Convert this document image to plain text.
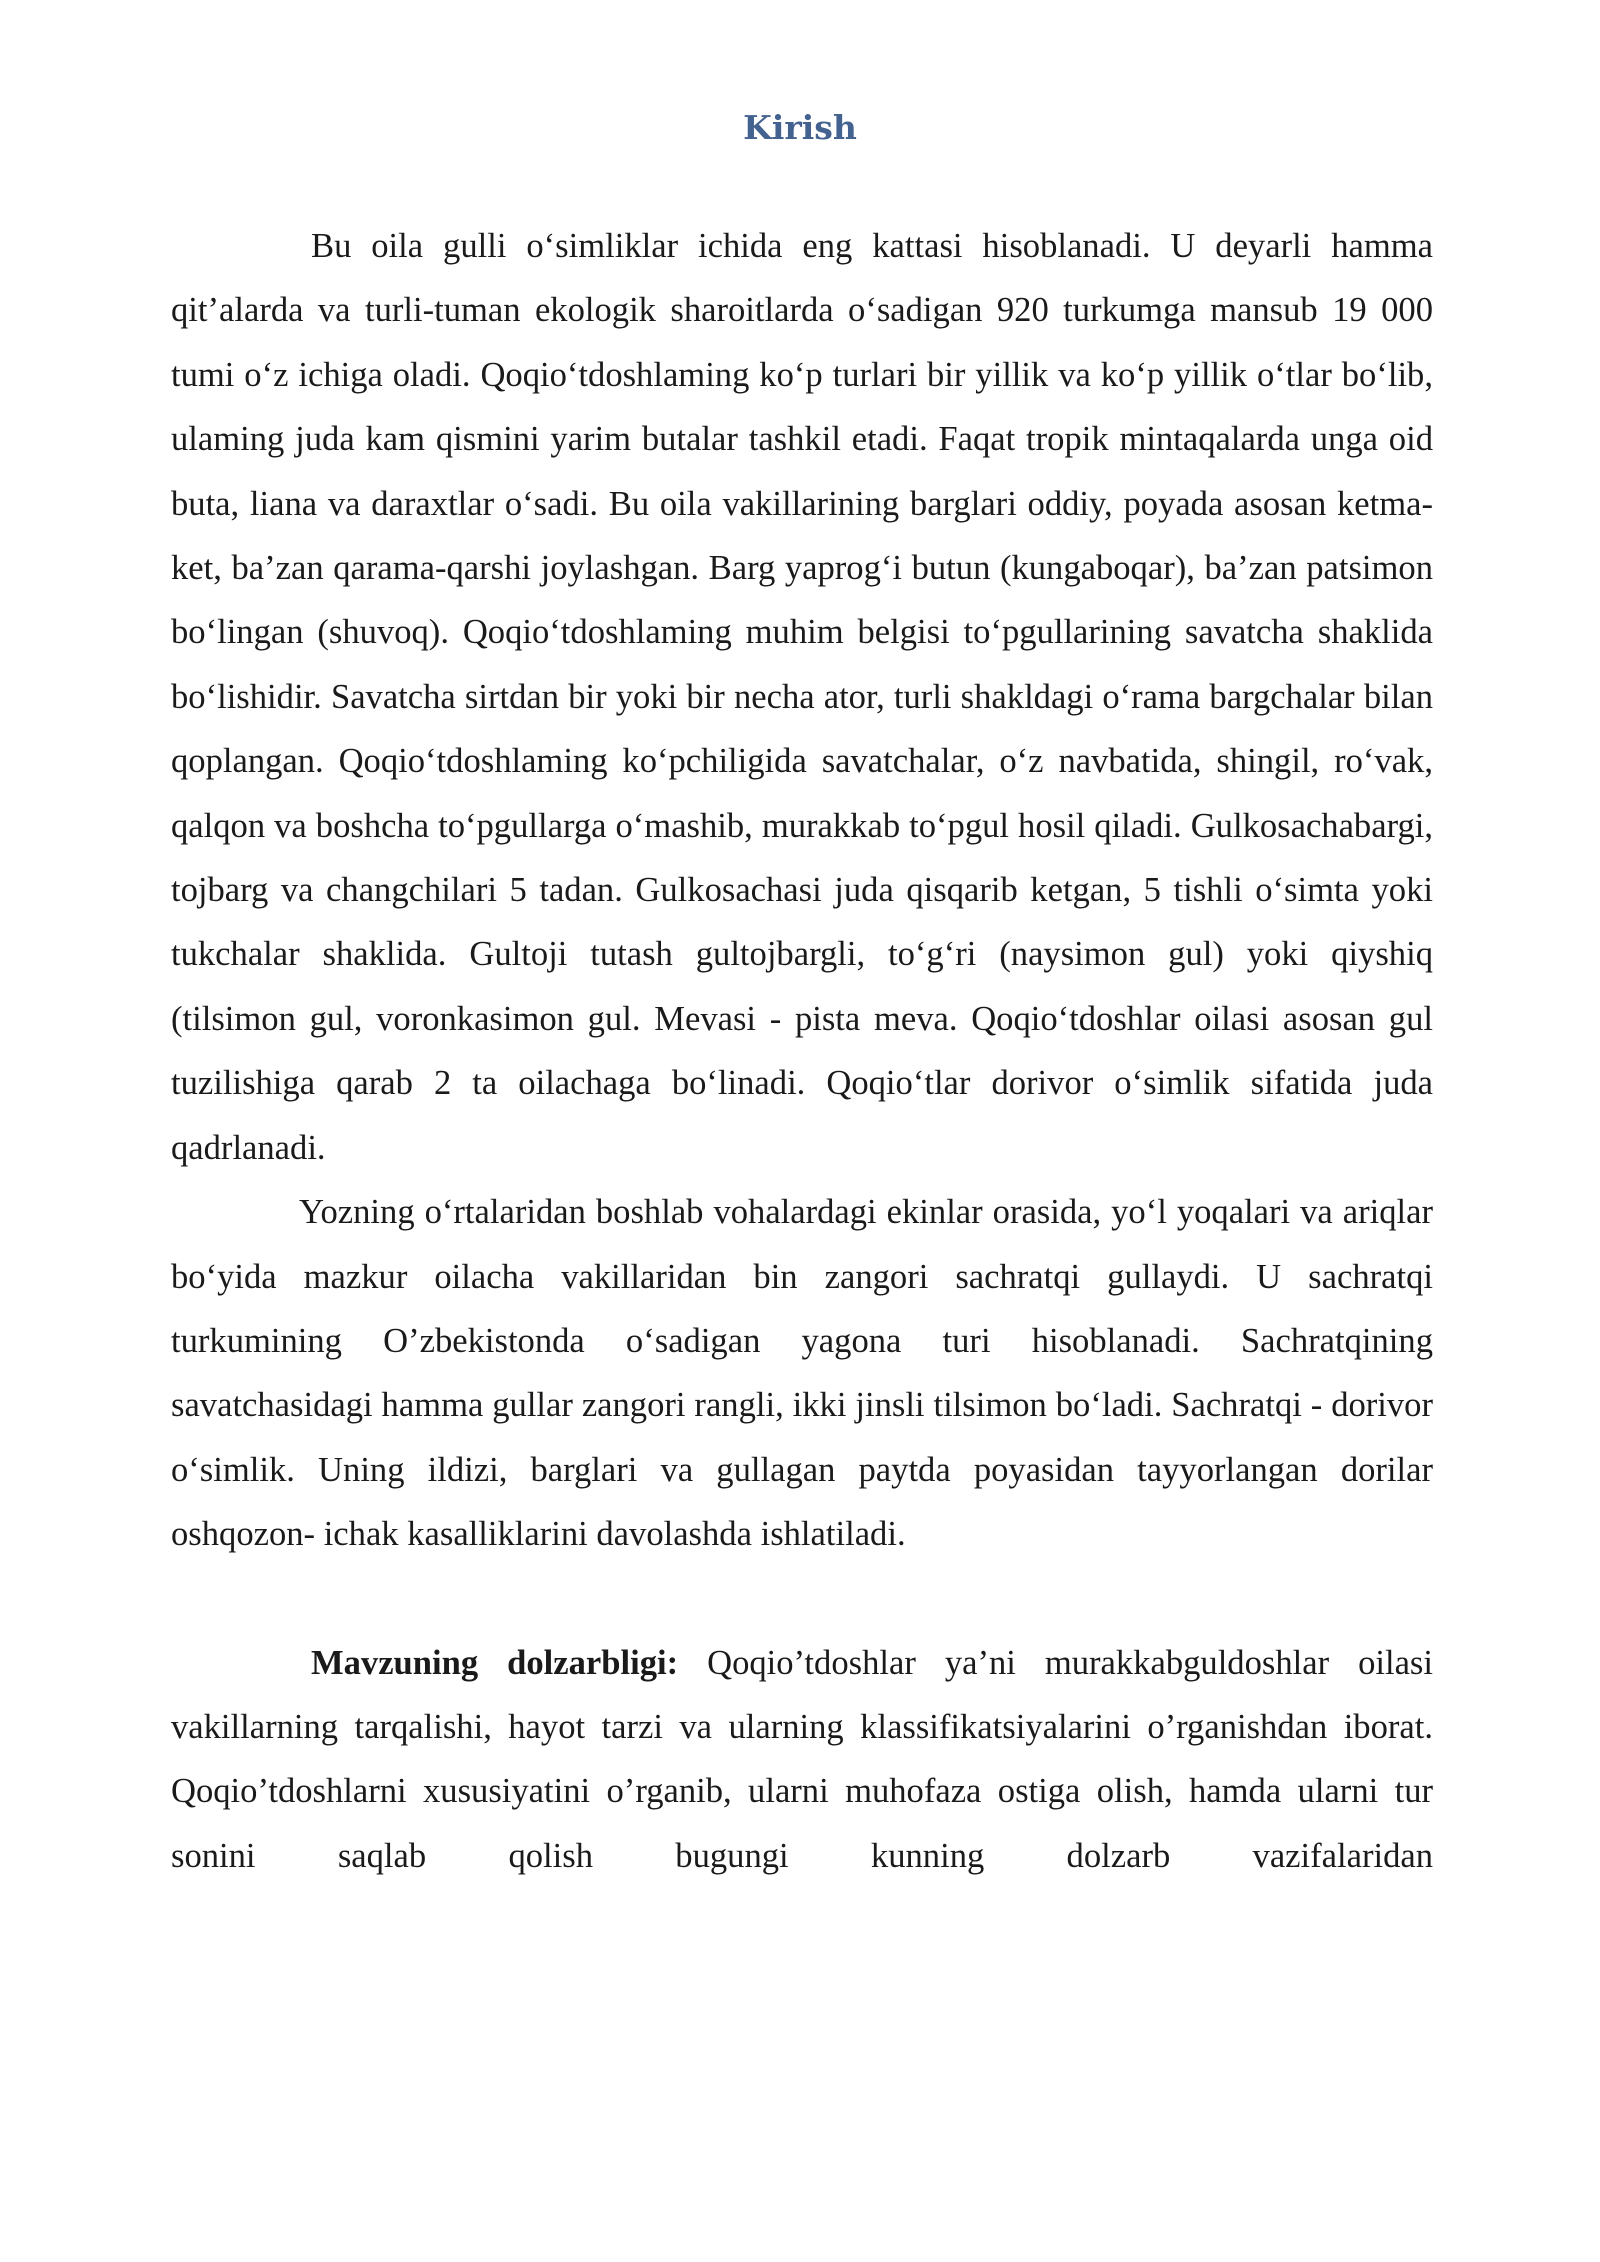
Kirish

Bu oila gulli o‘simliklar ichida eng kattasi hisoblanadi. U deyarli hamma qit’alarda va turli-tuman ekologik sharoitlarda o‘sadigan 920 turkumga mansub 19 000 tumi o‘z ichiga oladi. Qoqio‘tdoshlaming ko‘p turlari bir yillik va ko‘p yillik o‘tlar bo‘lib, ulaming juda kam qismini yarim butalar tashkil etadi. Faqat tropik mintaqalarda unga oid buta, liana va daraxtlar o‘sadi. Bu oila vakillarining barglari oddiy, poyada asosan ketma-ket, ba’zan qarama-qarshi joylashgan. Barg yaprog‘i butun (kungaboqar), ba’zan patsimon bo‘lingan (shuvoq). Qoqio‘tdoshlaming muhim belgisi to‘pgullarining savatcha shaklida bo‘lishidir. Savatcha sirtdan bir yoki bir necha ator, turli shakldagi o‘rama bargchalar bilan qoplangan. Qoqio‘tdoshlaming ko‘pchiligida savatchalar, o‘z navbatida, shingil, ro‘vak, qalqon va boshcha to‘pgullarga o‘mashib, murakkab to‘pgul hosil qiladi. Gulkosachabargi, tojbarg va changchilari 5 tadan. Gulkosachasi juda qisqarib ketgan, 5 tishli o‘simta yoki tukchalar shaklida. Gultoji tutash gultojbargli, to‘g‘ri (naysimon gul) yoki qiyshiq (tilsimon gul, voronkasimon gul. Mevasi - pista meva. Qoqio‘tdoshlar oilasi asosan gul tuzilishiga qarab 2 ta oilachaga bo‘linadi. Qoqio‘tlar dorivor o‘simlik sifatida juda qadrlanadi.

Yozning o‘rtalaridan boshlab vohalardagi ekinlar orasida, yo‘l yoqalari va ariqlar bo‘yida mazkur oilacha vakillaridan bin zangori sachratqi gullaydi. U sachratqi turkumining O’zbekistonda o‘sadigan yagona turi hisoblanadi. Sachratqining savatchasidagi hamma gullar zangori rangli, ikki jinsli tilsimon bo‘ladi. Sachratqi - dorivor o‘simlik. Uning ildizi, barglari va gullagan paytda poyasidan tayyorlangan dorilar oshqozon- ichak kasalliklarini davolashda ishlatiladi.

Mavzuning dolzarbligi: Qoqio’tdoshlar ya’ni murakkabguldoshlar oilasi vakillarning tarqalishi, hayot tarzi va ularning klassifikatsiyalarini o’rganishdan iborat. Qoqio’tdoshlarni xususiyatini o’rganib, ularni muhofaza ostiga olish, hamda ularni tur sonini saqlab qolish bugungi kunning dolzarb vazifalaridan
